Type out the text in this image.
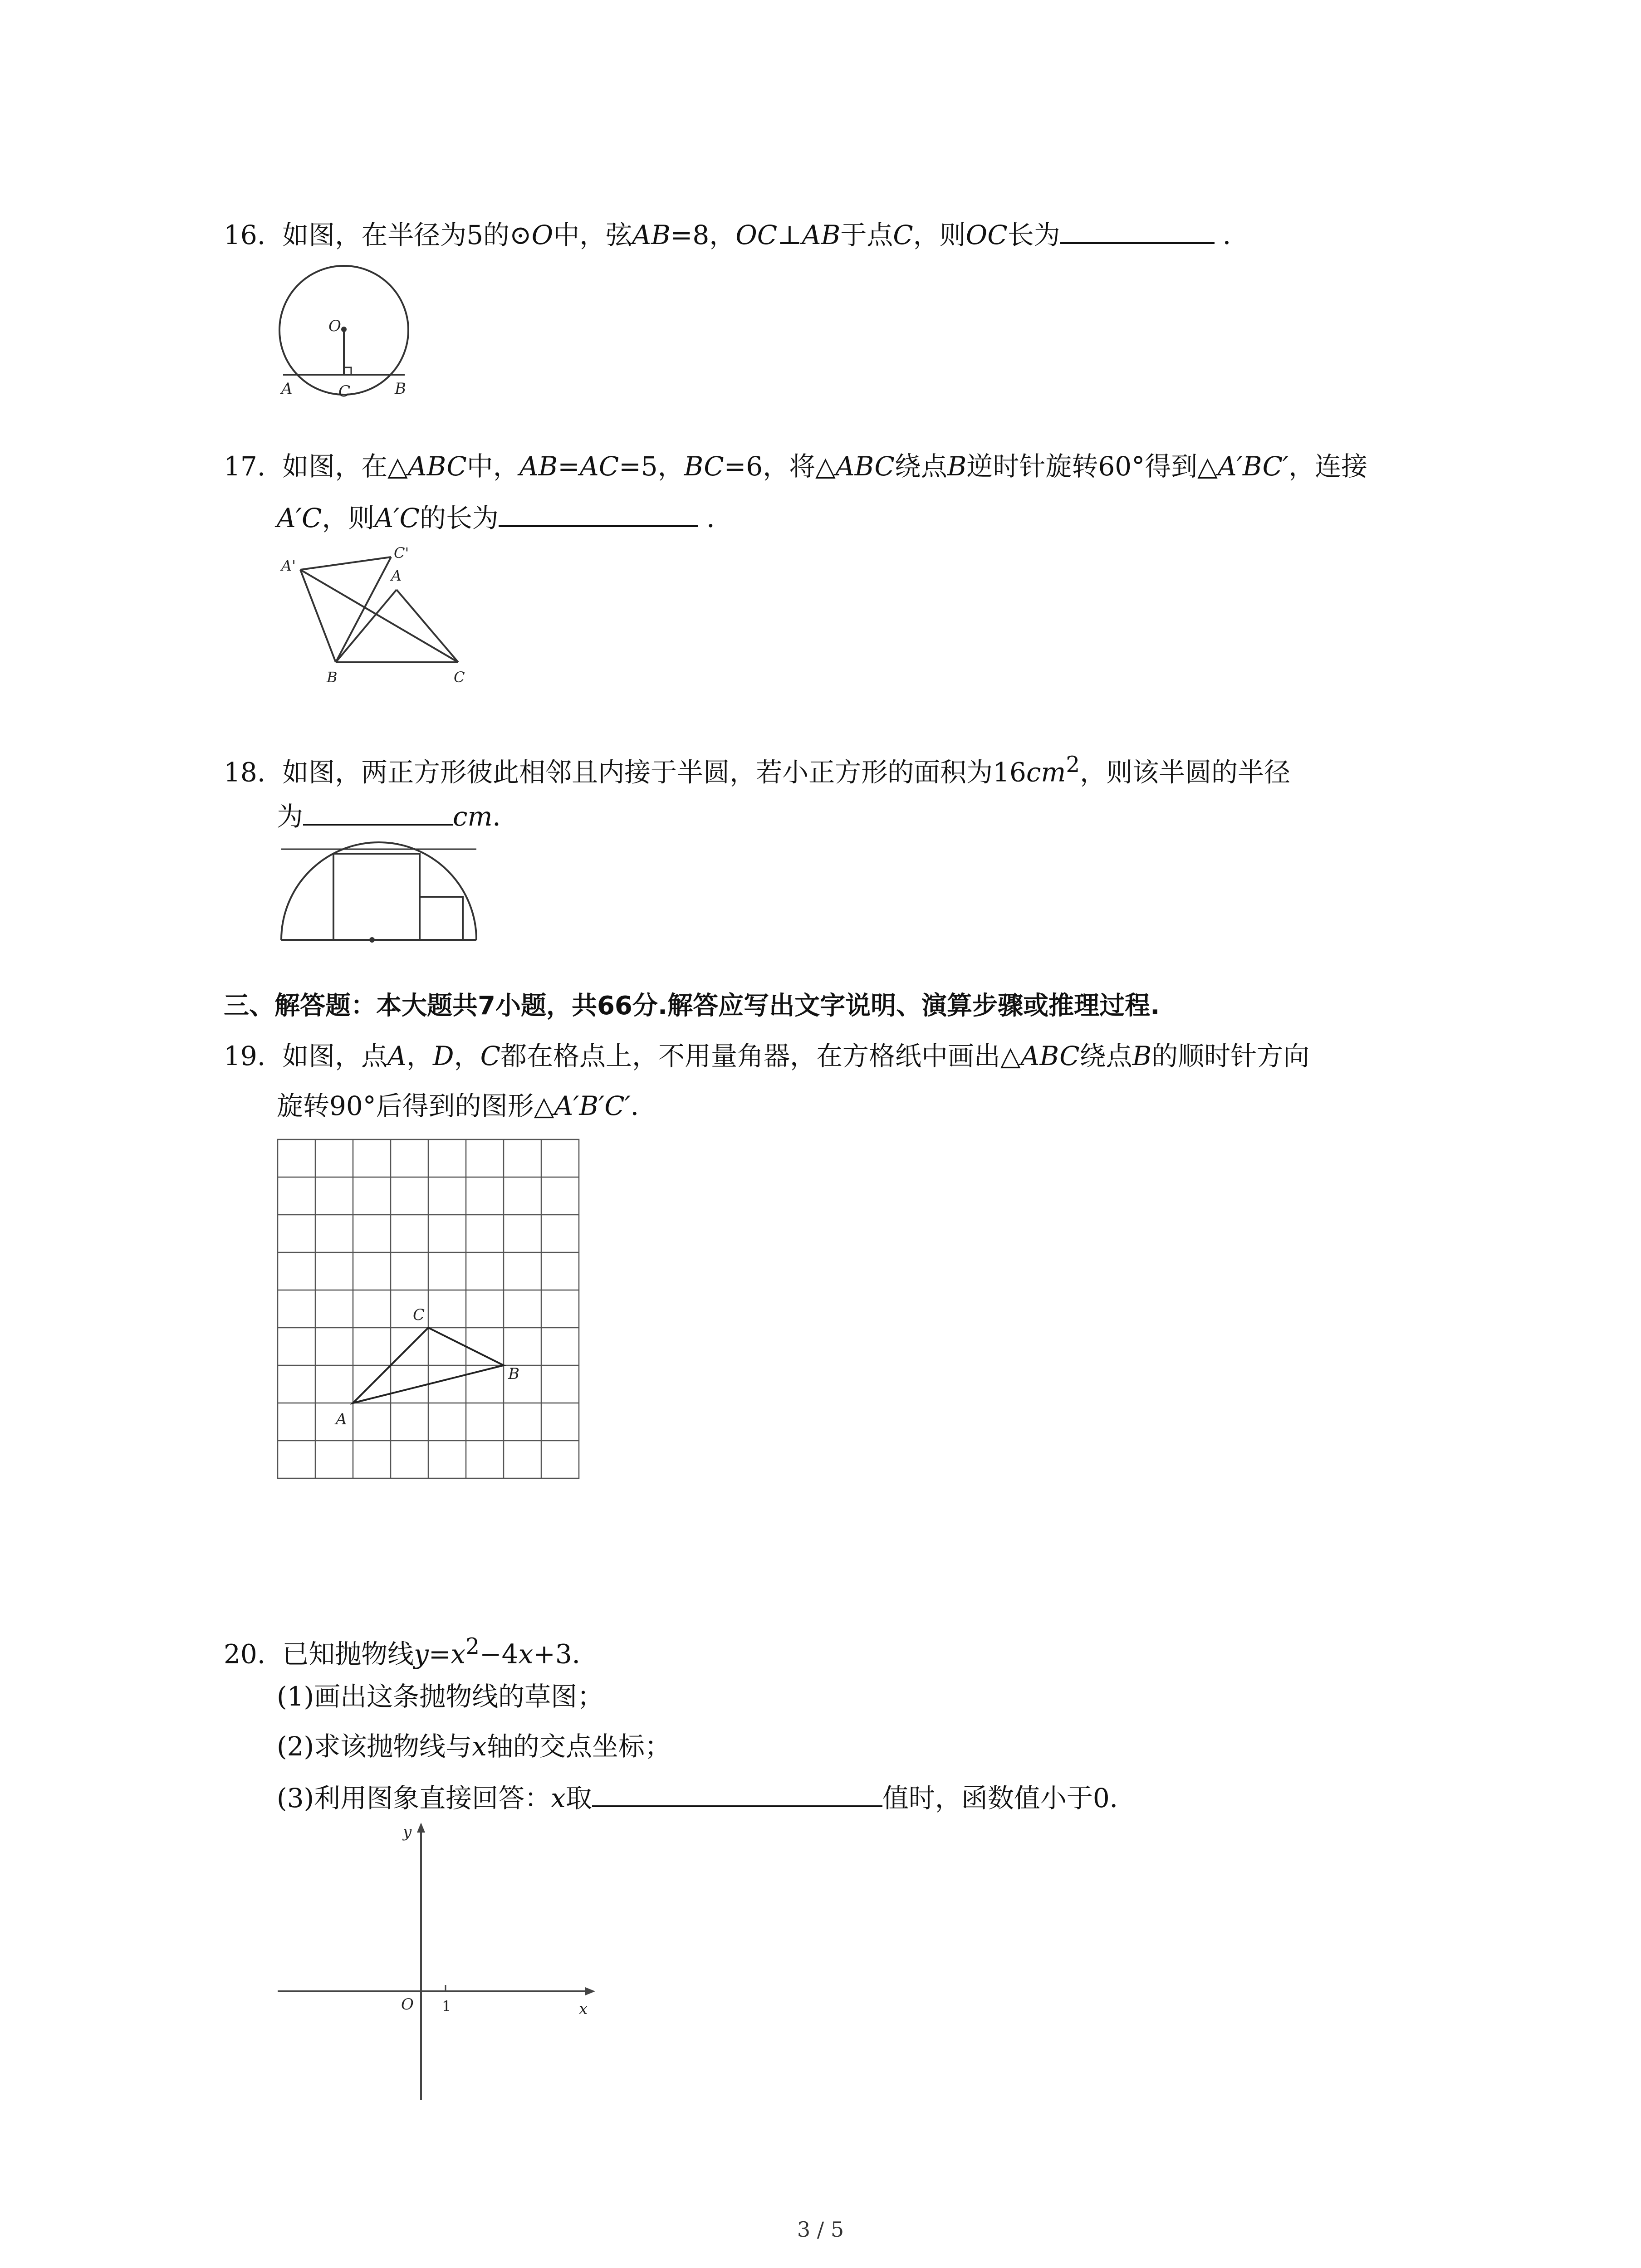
16. 如图，在半径为5的⊙O中，弦AB=8，OC⊥AB于点C，则OC长为	．
O
A	C	B
17. 如图，在△ABC中，AB=AC=5，BC=6，将△ABC绕点B逆时针旋转60°得到△A′BC′，连接
A′C，则A′C的长为	．
A'
C'
A
B	C
18. 如图，两正方形彼此相邻且内接于半圆，若小正方形的面积为$16cm^2$，则该半圆的半径
为	cm．
三、解答题：本大题共7小题，共66分.解答应写出文字说明、演算步骤或推理过程.
19. 如图，点A，D，C都在格点上，不用量角器，在方格纸中画出△ABC绕点B的顺时针方向
旋转90°后得到的图形△A′B′C′．
A
C
B
20. 已知抛物线$y=x^2-4x+3$．
(1)画出这条抛物线的草图；
(2)求该抛物线与x轴的交点坐标；
(3)利用图象直接回答：x取	值时，函数值小于0．
y
x
O 1
3 / 5
